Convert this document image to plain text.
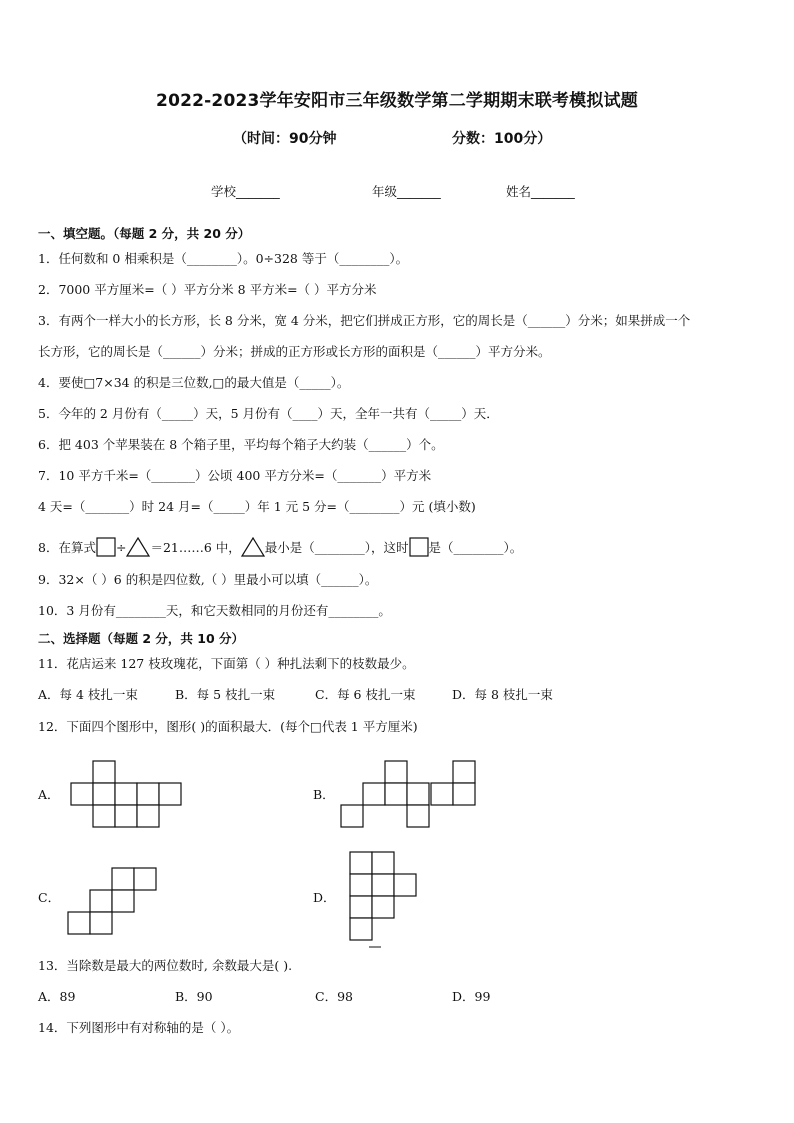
2022-2023学年安阳市三年级数学第二学期期末联考模拟试题
（时间：90分钟	分数：100分）
学校_______	年级_______	姓名_______
一、填空题。（每题 2 分，共 20 分）
1．任何数和 0 相乘积是（________）。0÷328 等于（________）。
2．7000 平方厘米=（ ）平方分米 8 平方米=（ ）平方分米
3．有两个一样大小的长方形，长 8 分米，宽 4 分米，把它们拼成正方形，它的周长是（______）分米；如果拼成一个
长方形，它的周长是（______）分米；拼成的正方形或长方形的面积是（______）平方分米。
4．要使□7×34 的积是三位数,□的最大值是（_____）。
5．今年的 2 月份有（_____）天，5 月份有（____）天，全年一共有（_____）天．
6．把 403 个苹果装在 8 个箱子里，平均每个箱子大约装（______）个。
7．10 平方千米=（_______）公顷 400 平方分米=（_______）平方米
4 天=（_______）时 24 月=（_____）年 1 元 5 分=（________）元 (填小数)
8．在算式 ÷ ＝21……6 中， 最小是（________），这时 是（________）。
9．32×（ ）6 的积是四位数,（ ）里最小可以填（______）。
10．3 月份有________天，和它天数相同的月份还有________。
二、选择题（每题 2 分，共 10 分）
11．花店运来 127 枝玫瑰花，下面第（ ）种扎法剩下的枝数最少。
A．每 4 枝扎一束	B．每 5 枝扎一束	C．每 6 枝扎一束	D．每 8 枝扎一束
12．下面四个图形中，图形( )的面积最大．(每个□代表 1 平方厘米)
A．	B．
C．	D．
13．当除数是最大的两位数时, 余数最大是( ).
A．89	B．90	C．98	D．99
14．下列图形中有对称轴的是（ ）。
